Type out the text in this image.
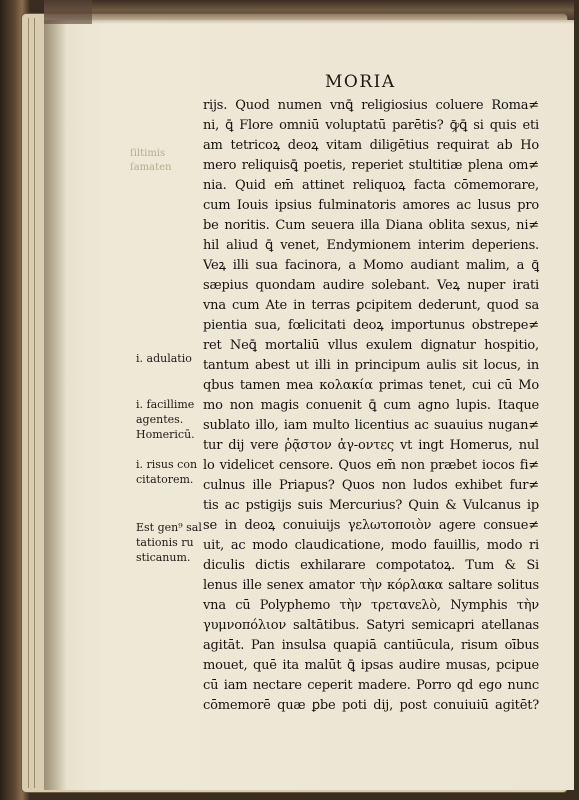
MORIA
ſiltimis
ſamaten
rijs. Quod numen vnꝗ̄ religiosius coluere Roma≠
ni, ꝗ̄ Flore omniū voluptatū parētis? ꝙ̄ꝗ̄ si quis eti
am tetricoꝝ deoꝝ vitam diligētius requirat ab Ho
mero reliquisꝗ̄ poetis, reperiet stultitiæ plena om≠
nia. Quid em̄ attinet reliquoꝝ facta cōmemorare,
cum Iouis ipsius fulminatoris amores ac lusus pro
be noritis. Cum seuera illa Diana oblita sexus, ni≠
hil aliud ꝗ̄ venet, Endymionem interim deperiens.
Veꝝ illi sua facinora, a Momo audiant malim, a ꝗ̄
sæpius quondam audire solebant. Veꝝ nuper irati
vna cum Ate in terras ꝑcipitem dederunt, quod sa
pientia sua, fœlicitati deoꝝ importunus obstrepe≠
ret Neꝗ̄ mortaliū vllus exulem dignatur hospitio,
tantum abest ut illi in principum aulis sit locus, in
qbus tamen mea κολακία primas tenet, cui cū Mo
mo non magis conuenit ꝗ̄ cum agno lupis. Itaque
sublato illo, iam multo licentius ac suauius nugan≠
tur dij vere ῥᾷστον ἀγ-οντες vt ingt Homerus, nul
lo videlicet censore. Quos em̄ non præbet iocos fi≠
culnus ille Priapus? Quos non ludos exhibet fur≠
tis ac pstigijs suis Mercurius? Quin & Vulcanus ip
se in deoꝝ conuiuijs γελωτοποιὸν agere consue≠
uit, ac modo claudicatione, modo fauillis, modo ri
diculis dictis exhilarare compotatoꝝ. Tum & Si
lenus ille senex amator τὴν κόρλακα saltare solitus
vna cū Polyphemo τὴν τρεταvελὸ, Nymphis τὴν
γυμνοπόλιον saltātibus. Satyri semicapri atellanas
agitāt. Pan insulsa quapiā cantiūcula, risum oībus
mouet, quē ita malūt ꝗ̄ ipsas audire musas, pcipue
cū iam nectare ceperit madere. Porro qd ego nunc
cōmemorē quæ ꝑbe poti dij, post conuiuiū agitēt?
i. adulatio
i. facillime
agentes.
Homericū.
i. risus con
citatorem.
Est gen⁹ sal
tationis ru
sticanum.
